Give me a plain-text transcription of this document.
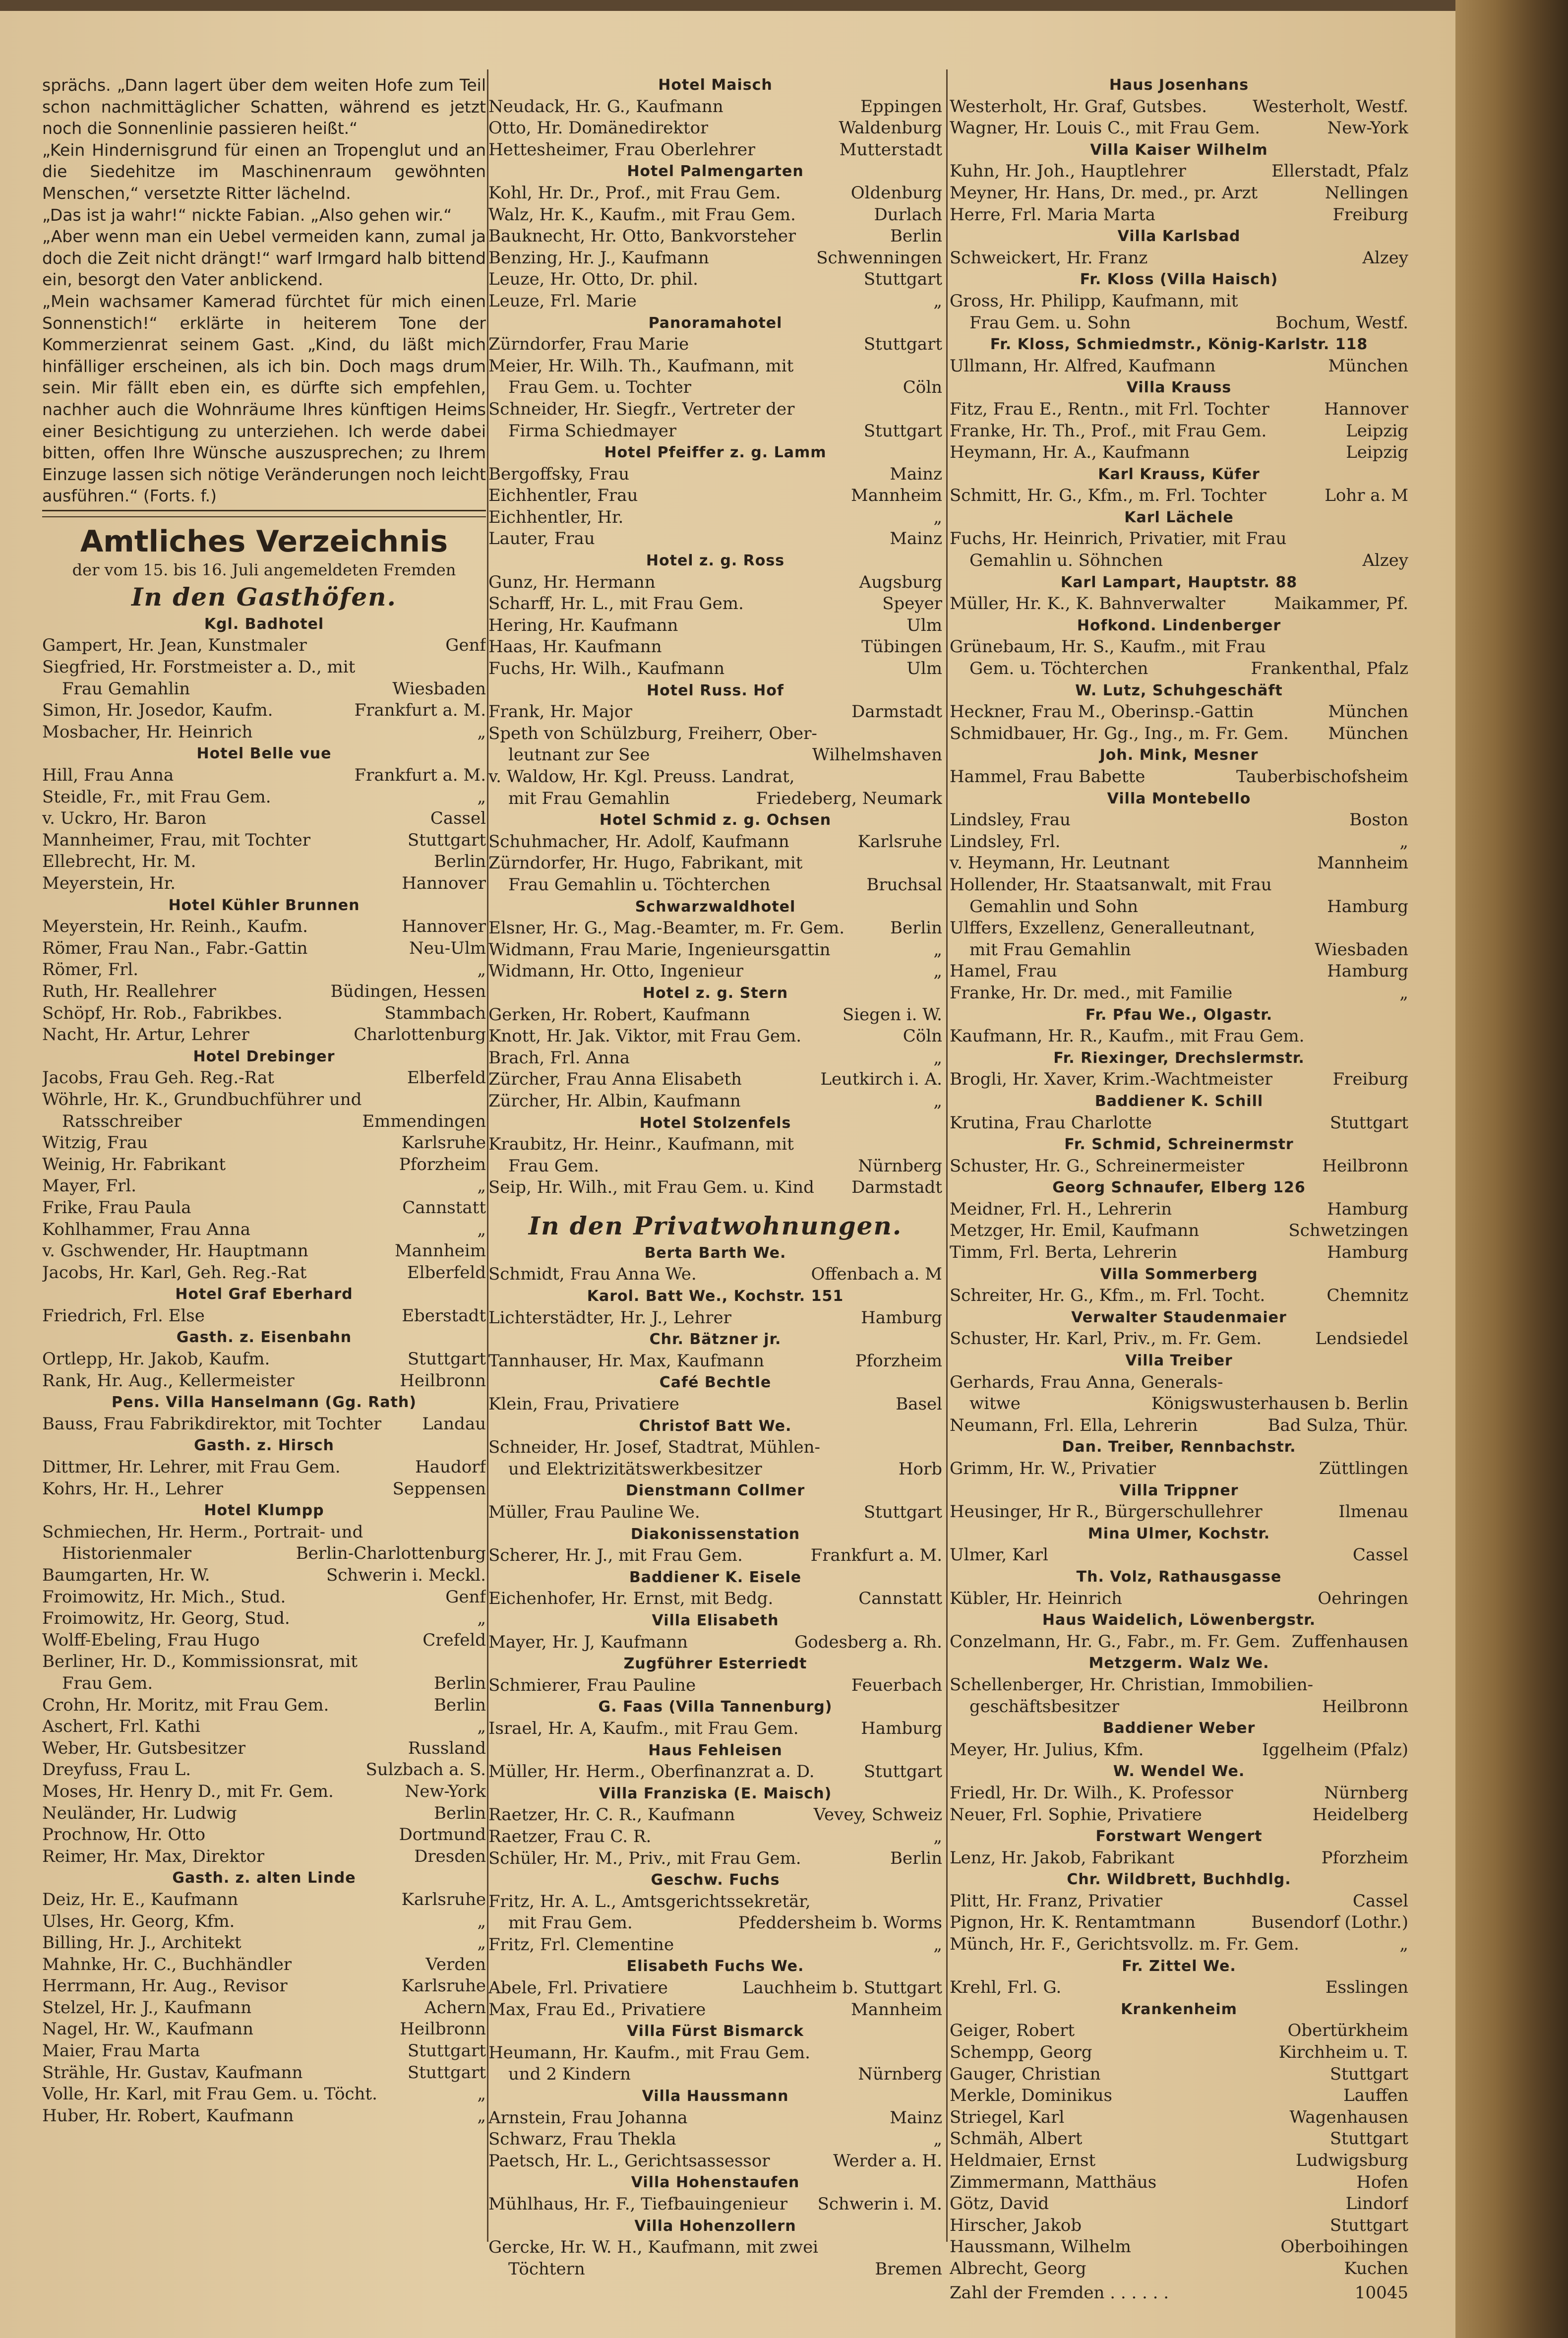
sprächs. „Dann lagert über dem weiten Hofe zum Teil schon nachmittäglicher Schatten, während es jetzt noch die Sonnenlinie passieren heißt.“

„Kein Hindernisgrund für einen an Tropenglut und an die Siedehitze im Maschinenraum gewöhnten Menschen,“ versetzte Ritter lächelnd.

„Das ist ja wahr!“ nickte Fabian. „Also gehen wir.“

„Aber wenn man ein Uebel vermeiden kann, zumal ja doch die Zeit nicht drängt!“ warf Irmgard halb bittend ein, besorgt den Vater anblickend.

„Mein wachsamer Kamerad fürchtet für mich einen Sonnenstich!“ erklärte in heiterem Tone der Kommerzienrat seinem Gast. „Kind, du läßt mich hinfälliger erscheinen, als ich bin. Doch mags drum sein. Mir fällt eben ein, es dürfte sich empfehlen, nachher auch die Wohnräume Ihres künftigen Heims einer Besichtigung zu unterziehen. Ich werde dabei bitten, offen Ihre Wünsche auszusprechen; zu Ihrem Einzuge lassen sich nötige Veränderungen noch leicht ausführen.“ (Forts. f.)

Amtliches Verzeichnis
der vom 15. bis 16. Juli angemeldeten Fremden
In den Gasthöfen.
Kgl. Badhotel
Gampert, Hr. Jean, Kunstmaler	Genf
Siegfried, Hr. Forstmeister a. D., mit
Frau Gemahlin	Wiesbaden
Simon, Hr. Josedor, Kaufm.	Frankfurt a. M.
Mosbacher, Hr. Heinrich	„
Hotel Belle vue
Hill, Frau Anna	Frankfurt a. M.
Steidle, Fr., mit Frau Gem.	„
v. Uckro, Hr. Baron	Cassel
Mannheimer, Frau, mit Tochter	Stuttgart
Ellebrecht, Hr. M.	Berlin
Meyerstein, Hr.	Hannover
Hotel Kühler Brunnen
Meyerstein, Hr. Reinh., Kaufm.	Hannover
Römer, Frau Nan., Fabr.-Gattin	Neu-Ulm
Römer, Frl.	„
Ruth, Hr. Reallehrer	Büdingen, Hessen
Schöpf, Hr. Rob., Fabrikbes.	Stammbach
Nacht, Hr. Artur, Lehrer	Charlottenburg
Hotel Drebinger
Jacobs, Frau Geh. Reg.-Rat	Elberfeld
Wöhrle, Hr. K., Grundbuchführer und
Ratsschreiber	Emmendingen
Witzig, Frau	Karlsruhe
Weinig, Hr. Fabrikant	Pforzheim
Mayer, Frl.	„
Frike, Frau Paula	Cannstatt
Kohlhammer, Frau Anna	„
v. Gschwender, Hr. Hauptmann	Mannheim
Jacobs, Hr. Karl, Geh. Reg.-Rat	Elberfeld
Hotel Graf Eberhard
Friedrich, Frl. Else	Eberstadt
Gasth. z. Eisenbahn
Ortlepp, Hr. Jakob, Kaufm.	Stuttgart
Rank, Hr. Aug., Kellermeister	Heilbronn
Pens. Villa Hanselmann (Gg. Rath)
Bauss, Frau Fabrikdirektor, mit Tochter	Landau
Gasth. z. Hirsch
Dittmer, Hr. Lehrer, mit Frau Gem.	Haudorf
Kohrs, Hr. H., Lehrer	Seppensen
Hotel Klumpp
Schmiechen, Hr. Herm., Portrait- und
Historienmaler	Berlin-Charlottenburg
Baumgarten, Hr. W.	Schwerin i. Meckl.
Froimowitz, Hr. Mich., Stud.	Genf
Froimowitz, Hr. Georg, Stud.	„
Wolff-Ebeling, Frau Hugo	Crefeld
Berliner, Hr. D., Kommissionsrat, mit
Frau Gem.	Berlin
Crohn, Hr. Moritz, mit Frau Gem.	Berlin
Aschert, Frl. Kathi	„
Weber, Hr. Gutsbesitzer	Russland
Dreyfuss, Frau L.	Sulzbach a. S.
Moses, Hr. Henry D., mit Fr. Gem.	New-York
Neuländer, Hr. Ludwig	Berlin
Prochnow, Hr. Otto	Dortmund
Reimer, Hr. Max, Direktor	Dresden
Gasth. z. alten Linde
Deiz, Hr. E., Kaufmann	Karlsruhe
Ulses, Hr. Georg, Kfm.	„
Billing, Hr. J., Architekt	„
Mahnke, Hr. C., Buchhändler	Verden
Herrmann, Hr. Aug., Revisor	Karlsruhe
Stelzel, Hr. J., Kaufmann	Achern
Nagel, Hr. W., Kaufmann	Heilbronn
Maier, Frau Marta	Stuttgart
Strähle, Hr. Gustav, Kaufmann	Stuttgart
Volle, Hr. Karl, mit Frau Gem. u. Töcht.	„
Huber, Hr. Robert, Kaufmann	„
Hotel Maisch
Neudack, Hr. G., Kaufmann	Eppingen
Otto, Hr. Domänedirektor	Waldenburg
Hettesheimer, Frau Oberlehrer	Mutterstadt
Hotel Palmengarten
Kohl, Hr. Dr., Prof., mit Frau Gem.	Oldenburg
Walz, Hr. K., Kaufm., mit Frau Gem.	Durlach
Bauknecht, Hr. Otto, Bankvorsteher	Berlin
Benzing, Hr. J., Kaufmann	Schwenningen
Leuze, Hr. Otto, Dr. phil.	Stuttgart
Leuze, Frl. Marie	„
Panoramahotel
Zürndorfer, Frau Marie	Stuttgart
Meier, Hr. Wilh. Th., Kaufmann, mit
Frau Gem. u. Tochter	Cöln
Schneider, Hr. Siegfr., Vertreter der
Firma Schiedmayer	Stuttgart
Hotel Pfeiffer z. g. Lamm
Bergoffsky, Frau	Mainz
Eichhentler, Frau	Mannheim
Eichhentler, Hr.	„
Lauter, Frau	Mainz
Hotel z. g. Ross
Gunz, Hr. Hermann	Augsburg
Scharff, Hr. L., mit Frau Gem.	Speyer
Hering, Hr. Kaufmann	Ulm
Haas, Hr. Kaufmann	Tübingen
Fuchs, Hr. Wilh., Kaufmann	Ulm
Hotel Russ. Hof
Frank, Hr. Major	Darmstadt
Speth von Schülzburg, Freiherr, Ober-
leutnant zur See	Wilhelmshaven
v. Waldow, Hr. Kgl. Preuss. Landrat,
mit Frau Gemahlin	Friedeberg, Neumark
Hotel Schmid z. g. Ochsen
Schuhmacher, Hr. Adolf, Kaufmann	Karlsruhe
Zürndorfer, Hr. Hugo, Fabrikant, mit
Frau Gemahlin u. Töchterchen	Bruchsal
Schwarzwaldhotel
Elsner, Hr. G., Mag.-Beamter, m. Fr. Gem.	Berlin
Widmann, Frau Marie, Ingenieursgattin	„
Widmann, Hr. Otto, Ingenieur	„
Hotel z. g. Stern
Gerken, Hr. Robert, Kaufmann	Siegen i. W.
Knott, Hr. Jak. Viktor, mit Frau Gem.	Cöln
Brach, Frl. Anna	„
Zürcher, Frau Anna Elisabeth	Leutkirch i. A.
Zürcher, Hr. Albin, Kaufmann	„
Hotel Stolzenfels
Kraubitz, Hr. Heinr., Kaufmann, mit
Frau Gem.	Nürnberg
Seip, Hr. Wilh., mit Frau Gem. u. Kind	Darmstadt
In den Privatwohnungen.
Berta Barth We.
Schmidt, Frau Anna We.	Offenbach a. M
Karol. Batt We., Kochstr. 151
Lichterstädter, Hr. J., Lehrer	Hamburg
Chr. Bätzner jr.
Tannhauser, Hr. Max, Kaufmann	Pforzheim
Café Bechtle
Klein, Frau, Privatiere	Basel
Christof Batt We.
Schneider, Hr. Josef, Stadtrat, Mühlen-
und Elektrizitätswerkbesitzer	Horb
Dienstmann Collmer
Müller, Frau Pauline We.	Stuttgart
Diakonissenstation
Scherer, Hr. J., mit Frau Gem.	Frankfurt a. M.
Baddiener K. Eisele
Eichenhofer, Hr. Ernst, mit Bedg.	Cannstatt
Villa Elisabeth
Mayer, Hr. J, Kaufmann	Godesberg a. Rh.
Zugführer Esterriedt
Schmierer, Frau Pauline	Feuerbach
G. Faas (Villa Tannenburg)
Israel, Hr. A, Kaufm., mit Frau Gem.	Hamburg
Haus Fehleisen
Müller, Hr. Herm., Oberfinanzrat a. D.	Stuttgart
Villa Franziska (E. Maisch)
Raetzer, Hr. C. R., Kaufmann	Vevey, Schweiz
Raetzer, Frau C. R.	„
Schüler, Hr. M., Priv., mit Frau Gem.	Berlin
Geschw. Fuchs
Fritz, Hr. A. L., Amtsgerichtssekretär,
mit Frau Gem.	Pfeddersheim b. Worms
Fritz, Frl. Clementine	„
Elisabeth Fuchs We.
Abele, Frl. Privatiere	Lauchheim b. Stuttgart
Max, Frau Ed., Privatiere	Mannheim
Villa Fürst Bismarck
Heumann, Hr. Kaufm., mit Frau Gem.
und 2 Kindern	Nürnberg
Villa Haussmann
Arnstein, Frau Johanna	Mainz
Schwarz, Frau Thekla	„
Paetsch, Hr. L., Gerichtsassessor	Werder a. H.
Villa Hohenstaufen
Mühlhaus, Hr. F., Tiefbauingenieur	Schwerin i. M.
Villa Hohenzollern
Gercke, Hr. W. H., Kaufmann, mit zwei
Töchtern	Bremen
Haus Josenhans
Westerholt, Hr. Graf, Gutsbes.	Westerholt, Westf.
Wagner, Hr. Louis C., mit Frau Gem.	New-York
Villa Kaiser Wilhelm
Kuhn, Hr. Joh., Hauptlehrer	Ellerstadt, Pfalz
Meyner, Hr. Hans, Dr. med., pr. Arzt	Nellingen
Herre, Frl. Maria Marta	Freiburg
Villa Karlsbad
Schweickert, Hr. Franz	Alzey
Fr. Kloss (Villa Haisch)
Gross, Hr. Philipp, Kaufmann, mit
Frau Gem. u. Sohn	Bochum, Westf.
Fr. Kloss, Schmiedmstr., König-Karlstr. 118
Ullmann, Hr. Alfred, Kaufmann	München
Villa Krauss
Fitz, Frau E., Rentn., mit Frl. Tochter	Hannover
Franke, Hr. Th., Prof., mit Frau Gem.	Leipzig
Heymann, Hr. A., Kaufmann	Leipzig
Karl Krauss, Küfer
Schmitt, Hr. G., Kfm., m. Frl. Tochter	Lohr a. M
Karl Lächele
Fuchs, Hr. Heinrich, Privatier, mit Frau
Gemahlin u. Söhnchen	Alzey
Karl Lampart, Hauptstr. 88
Müller, Hr. K., K. Bahnverwalter	Maikammer, Pf.
Hofkond. Lindenberger
Grünebaum, Hr. S., Kaufm., mit Frau
Gem. u. Töchterchen	Frankenthal, Pfalz
W. Lutz, Schuhgeschäft
Heckner, Frau M., Oberinsp.-Gattin	München
Schmidbauer, Hr. Gg., Ing., m. Fr. Gem.	München
Joh. Mink, Mesner
Hammel, Frau Babette	Tauberbischofsheim
Villa Montebello
Lindsley, Frau	Boston
Lindsley, Frl.	„
v. Heymann, Hr. Leutnant	Mannheim
Hollender, Hr. Staatsanwalt, mit Frau
Gemahlin und Sohn	Hamburg
Ulffers, Exzellenz, Generalleutnant,
mit Frau Gemahlin	Wiesbaden
Hamel, Frau	Hamburg
Franke, Hr. Dr. med., mit Familie	„
Fr. Pfau We., Olgastr.
Kaufmann, Hr. R., Kaufm., mit Frau Gem.
Fr. Riexinger, Drechslermstr.
Brogli, Hr. Xaver, Krim.-Wachtmeister	Freiburg
Baddiener K. Schill
Krutina, Frau Charlotte	Stuttgart
Fr. Schmid, Schreinermstr
Schuster, Hr. G., Schreinermeister	Heilbronn
Georg Schnaufer, Elberg 126
Meidner, Frl. H., Lehrerin	Hamburg
Metzger, Hr. Emil, Kaufmann	Schwetzingen
Timm, Frl. Berta, Lehrerin	Hamburg
Villa Sommerberg
Schreiter, Hr. G., Kfm., m. Frl. Tocht.	Chemnitz
Verwalter Staudenmaier
Schuster, Hr. Karl, Priv., m. Fr. Gem.	Lendsiedel
Villa Treiber
Gerhards, Frau Anna, Generals-
witwe	Königswusterhausen b. Berlin
Neumann, Frl. Ella, Lehrerin	Bad Sulza, Thür.
Dan. Treiber, Rennbachstr.
Grimm, Hr. W., Privatier	Züttlingen
Villa Trippner
Heusinger, Hr R., Bürgerschullehrer	Ilmenau
Mina Ulmer, Kochstr.
Ulmer, Karl	Cassel
Th. Volz, Rathausgasse
Kübler, Hr. Heinrich	Oehringen
Haus Waidelich, Löwenbergstr.
Conzelmann, Hr. G., Fabr., m. Fr. Gem. Zuffenhausen
Metzgerm. Walz We.
Schellenberger, Hr. Christian, Immobilien-
geschäftsbesitzer	Heilbronn
Baddiener Weber
Meyer, Hr. Julius, Kfm.	Iggelheim (Pfalz)
W. Wendel We.
Friedl, Hr. Dr. Wilh., K. Professor	Nürnberg
Neuer, Frl. Sophie, Privatiere	Heidelberg
Forstwart Wengert
Lenz, Hr. Jakob, Fabrikant	Pforzheim
Chr. Wildbrett, Buchhdlg.
Plitt, Hr. Franz, Privatier	Cassel
Pignon, Hr. K. Rentamtmann	Busendorf (Lothr.)
Münch, Hr. F., Gerichtsvollz. m. Fr. Gem.	„
Fr. Zittel We.
Krehl, Frl. G.	Esslingen
Krankenheim
Geiger, Robert	Obertürkheim
Schempp, Georg	Kirchheim u. T.
Gauger, Christian	Stuttgart
Merkle, Dominikus	Lauffen
Striegel, Karl	Wagenhausen
Schmäh, Albert	Stuttgart
Heldmaier, Ernst	Ludwigsburg
Zimmermann, Matthäus	Hofen
Götz, David	Lindorf
Hirscher, Jakob	Stuttgart
Haussmann, Wilhelm	Oberboihingen
Albrecht, Georg	Kuchen
Zahl der Fremden . . . . . .	10045
